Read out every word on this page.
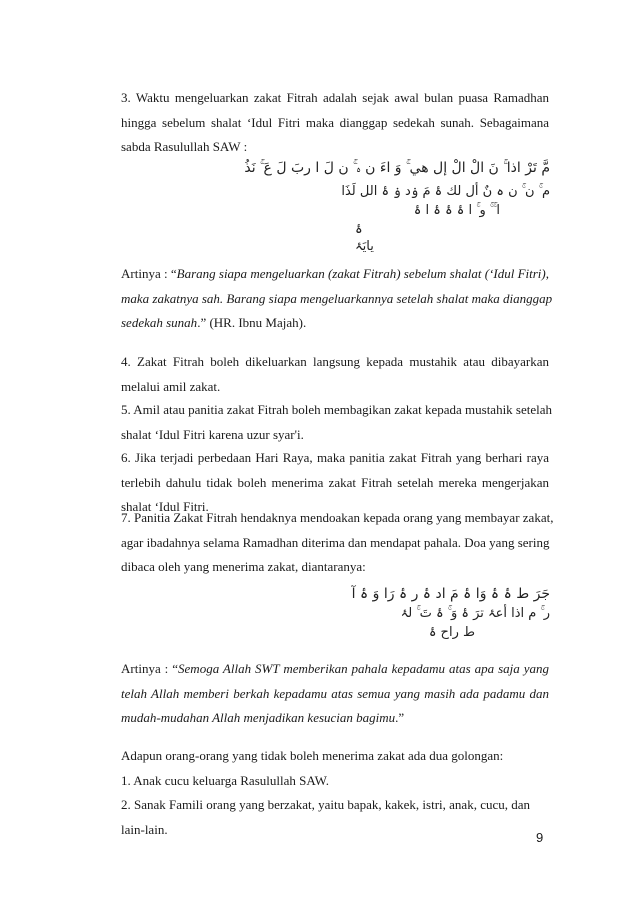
3. Waktu mengeluarkan zakat Fitrah adalah sejak awal bulan puasa Ramadhan
hingga sebelum shalat ‘Idul Fitri maka dianggap sedekah sunah. Sebagaimana
sabda Rasulullah SAW :
مَّ تَرْ اذا ۚ نَ الْ الْ إل هي ۚ وَ اءَ ن ہ ۚ ن لَ ا ربَ لَ عَ ۚ نَذُ
م ۚ ن ۚ ن ہ نٌ أل لك ۂ مَ ۏد ۏ ۂ الل لَذَا
ا ۚ ۚ و ۚ ا ۂ ۂ ۂ ا ۂ
ۂ
يايَۂ
Artinya : “Barang siapa mengeluarkan (zakat Fitrah) sebelum shalat (‘Idul Fitri),
maka zakatnya sah. Barang siapa mengeluarkannya setelah shalat maka dianggap
sedekah sunah.” (HR. Ibnu Majah).
4. Zakat Fitrah boleh dikeluarkan langsung kepada mustahik atau dibayarkan
melalui amil zakat.
5. Amil atau panitia zakat Fitrah boleh membagikan zakat kepada mustahik setelah
shalat ‘Idul Fitri karena uzur syar'i.
6. Jika terjadi perbedaan Hari Raya, maka panitia zakat Fitrah yang berhari raya
terlebih dahulu tidak boleh menerima zakat Fitrah setelah mereka mengerjakan
shalat ‘Idul Fitri.
7. Panitia Zakat Fitrah hendaknya mendoakan kepada orang yang membayar zakat,
agar ibadahnya selama Ramadhan diterima dan mendapat pahala. Doa yang sering
dibaca oleh yang menerima zakat, diantaranya:
جَرَ ط ۂ ۂ وَا ۂ مَ اد ۂ ر ۂ رَا وَ ۂ آ
ر ۚ م اذا أعۂ ترَ ۂ وَ ۚ ۂ تَ ۚ لۂ
ط راح ۂ
Artinya : “Semoga Allah SWT memberikan pahala kepadamu atas apa saja yang
telah Allah memberi berkah kepadamu atas semua yang masih ada padamu dan
mudah-mudahan Allah menjadikan kesucian bagimu.”
Adapun orang-orang yang tidak boleh menerima zakat ada dua golongan:
1. Anak cucu keluarga Rasulullah SAW.
2. Sanak Famili orang yang berzakat, yaitu bapak, kakek, istri, anak, cucu, dan
lain-lain.
9
